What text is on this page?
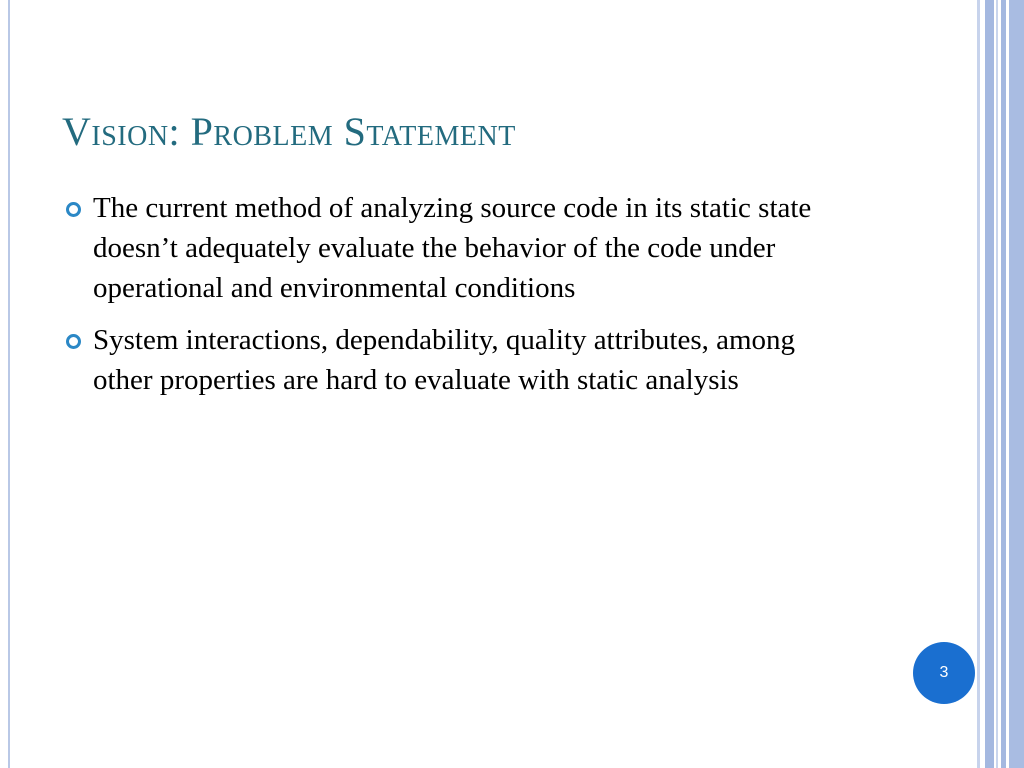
Vision: Problem Statement
The current method of analyzing source code in its static state doesn’t adequately evaluate the behavior of the code under operational and environmental conditions
System interactions, dependability, quality attributes, among other properties are hard to evaluate with static analysis
3
